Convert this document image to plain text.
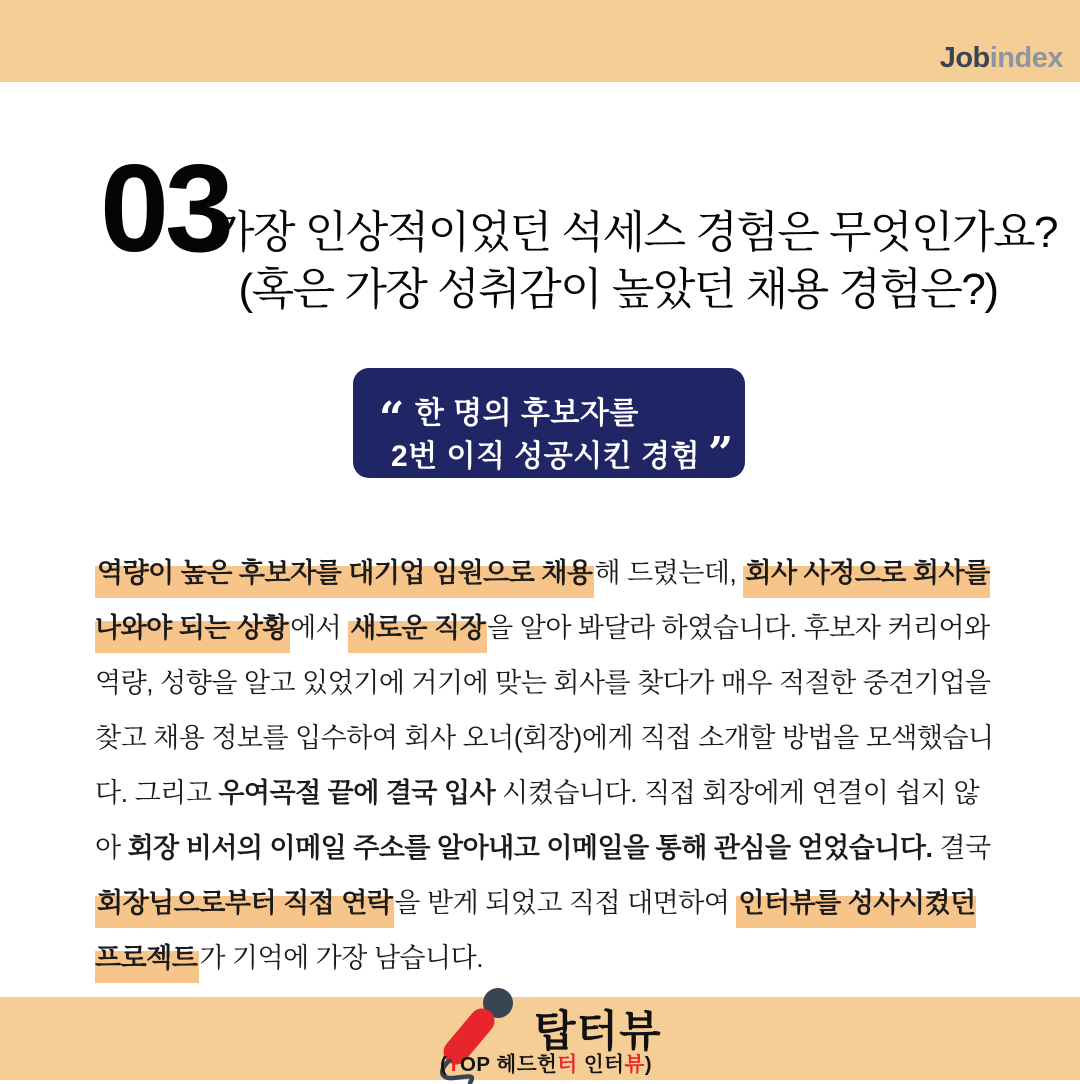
Jobindex
03
가장 인상적이었던 석세스 경험은 무엇인가요?
(혹은 가장 성취감이 높았던 채용 경험은?)
“ 한 명의 후보자를
2번 이직 성공시킨 경험 ”
역량이 높은 후보자를 대기업 임원으로 채용해 드렸는데, 회사 사정으로 회사를 나와야 되는 상황에서 새로운 직장을 알아 봐달라 하였습니다. 후보자 커리어와 역량, 성향을 알고 있었기에 거기에 맞는 회사를 찾다가 매우 적절한 중견기업을 찾고 채용 정보를 입수하여 회사 오너(회장)에게 직접 소개할 방법을 모색했습니다. 그리고 우여곡절 끝에 결국 입사 시켰습니다. 직접 회장에게 연결이 쉽지 않아 회장 비서의 이메일 주소를 알아내고 이메일을 통해 관심을 얻었습니다. 결국 회장님으로부터 직접 연락을 받게 되었고 직접 대면하여 인터뷰를 성사시켰던 프로젝트가 기억에 가장 남습니다.
탑터뷰
(TOP 헤드헌터 인터뷰)
